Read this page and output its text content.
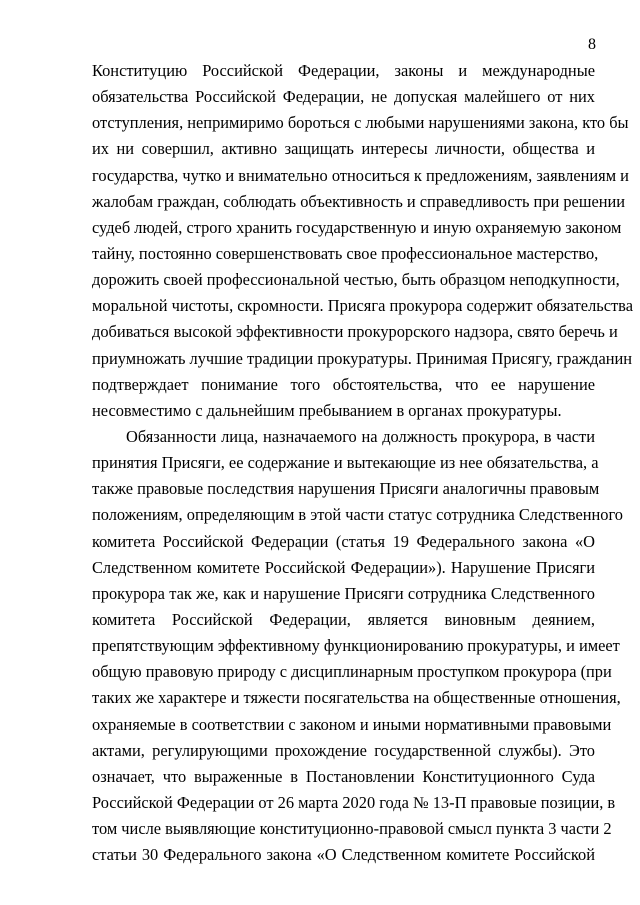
8
Конституцию Российской Федерации, законы и международные
обязательства Российской Федерации, не допуская малейшего от них
отступления, непримиримо бороться с любыми нарушениями закона, кто бы
их ни совершил, активно защищать интересы личности, общества и
государства, чутко и внимательно относиться к предложениям, заявлениям и
жалобам граждан, соблюдать объективность и справедливость при решении
судеб людей, строго хранить государственную и иную охраняемую законом
тайну, постоянно совершенствовать свое профессиональное мастерство,
дорожить своей профессиональной честью, быть образцом неподкупности,
моральной чистоты, скромности. Присяга прокурора содержит обязательства
добиваться высокой эффективности прокурорского надзора, свято беречь и
приумножать лучшие традиции прокуратуры. Принимая Присягу, гражданин
подтверждает понимание того обстоятельства, что ее нарушение
несовместимо с дальнейшим пребыванием в органах прокуратуры.
Обязанности лица, назначаемого на должность прокурора, в части
принятия Присяги, ее содержание и вытекающие из нее обязательства, а
также правовые последствия нарушения Присяги аналогичны правовым
положениям, определяющим в этой части статус сотрудника Следственного
комитета Российской Федерации (статья 19 Федерального закона «О
Следственном комитете Российской Федерации»). Нарушение Присяги
прокурора так же, как и нарушение Присяги сотрудника Следственного
комитета Российской Федерации, является виновным деянием,
препятствующим эффективному функционированию прокуратуры, и имеет
общую правовую природу с дисциплинарным проступком прокурора (при
таких же характере и тяжести посягательства на общественные отношения,
охраняемые в соответствии с законом и иными нормативными правовыми
актами, регулирующими прохождение государственной службы). Это
означает, что выраженные в Постановлении Конституционного Суда
Российской Федерации от 26 марта 2020 года № 13-П правовые позиции, в
том числе выявляющие конституционно-правовой смысл пункта 3 части 2
статьи 30 Федерального закона «О Следственном комитете Российской
